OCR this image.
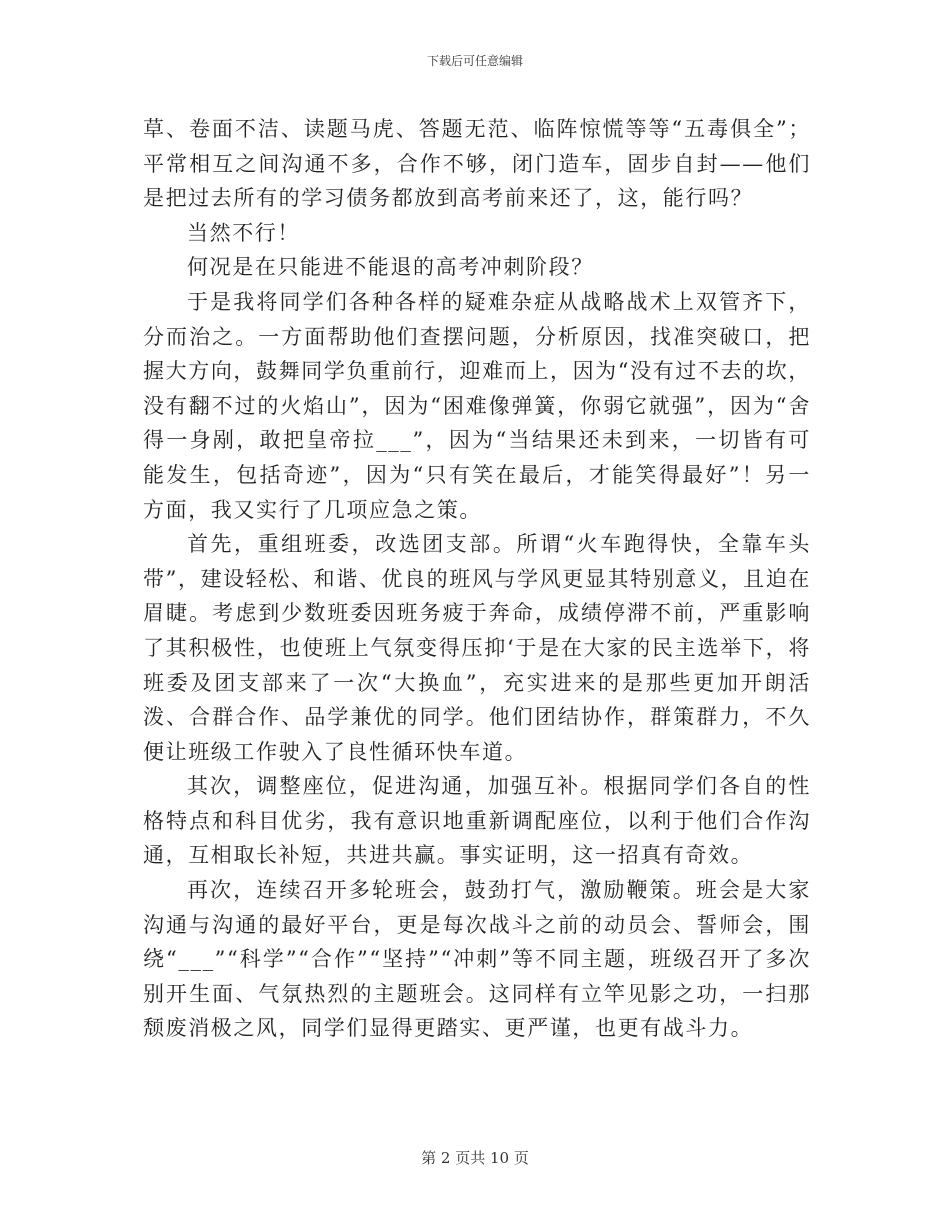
下载后可任意编辑

草、卷面不洁、读题马虎、答题无范、临阵惊慌等等“五毒俱全”；平常相互之间沟通不多，合作不够，闭门造车，固步自封——他们是把过去所有的学习债务都放到高考前来还了，这，能行吗？

当然不行！

何况是在只能进不能退的高考冲刺阶段？

于是我将同学们各种各样的疑难杂症从战略战术上双管齐下，分而治之。一方面帮助他们查摆问题，分析原因，找准突破口，把握大方向，鼓舞同学负重前行，迎难而上，因为“没有过不去的坎，没有翻不过的火焰山”，因为“困难像弹簧，你弱它就强”，因为“舍得一身剐，敢把皇帝拉___”，因为“当结果还未到来，一切皆有可能发生，包括奇迹”，因为“只有笑在最后，才能笑得最好”！另一方面，我又实行了几项应急之策。

首先，重组班委，改选团支部。所谓“火车跑得快，全靠车头带”，建设轻松、和谐、优良的班风与学风更显其特别意义，且迫在眉睫。考虑到少数班委因班务疲于奔命，成绩停滞不前，严重影响了其积极性，也使班上气氛变得压抑‘于是在大家的民主选举下，将班委及团支部来了一次“大换血”，充实进来的是那些更加开朗活泼、合群合作、品学兼优的同学。他们团结协作，群策群力，不久便让班级工作驶入了良性循环快车道。

其次，调整座位，促进沟通，加强互补。根据同学们各自的性格特点和科目优劣，我有意识地重新调配座位，以利于他们合作沟通，互相取长补短，共进共赢。事实证明，这一招真有奇效。

再次，连续召开多轮班会，鼓劲打气，激励鞭策。班会是大家沟通与沟通的最好平台，更是每次战斗之前的动员会、誓师会，围绕“___”“科学”“合作”“坚持”“冲刺”等不同主题，班级召开了多次别开生面、气氛热烈的主题班会。这同样有立竿见影之功，一扫那颓废消极之风，同学们显得更踏实、更严谨，也更有战斗力。

第 2 页共 10 页
